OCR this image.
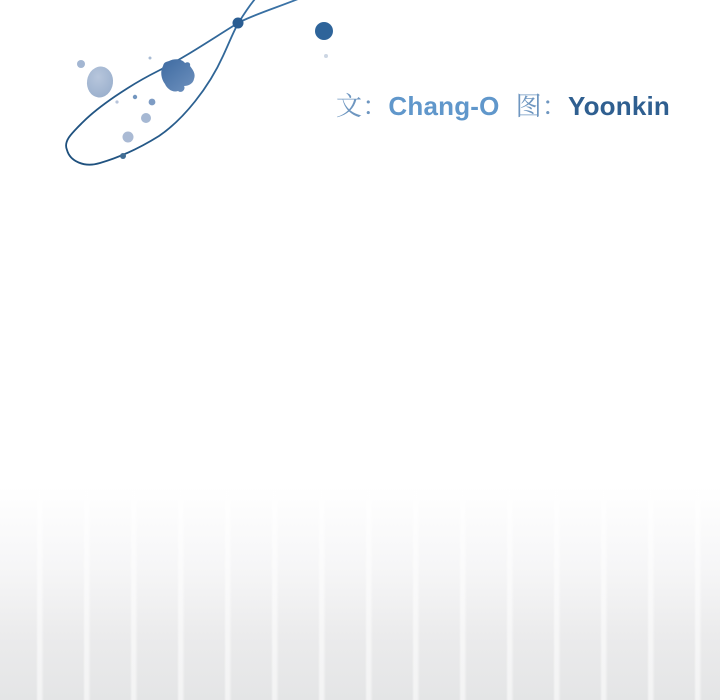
文：Chang-O 图：Yoonkin
